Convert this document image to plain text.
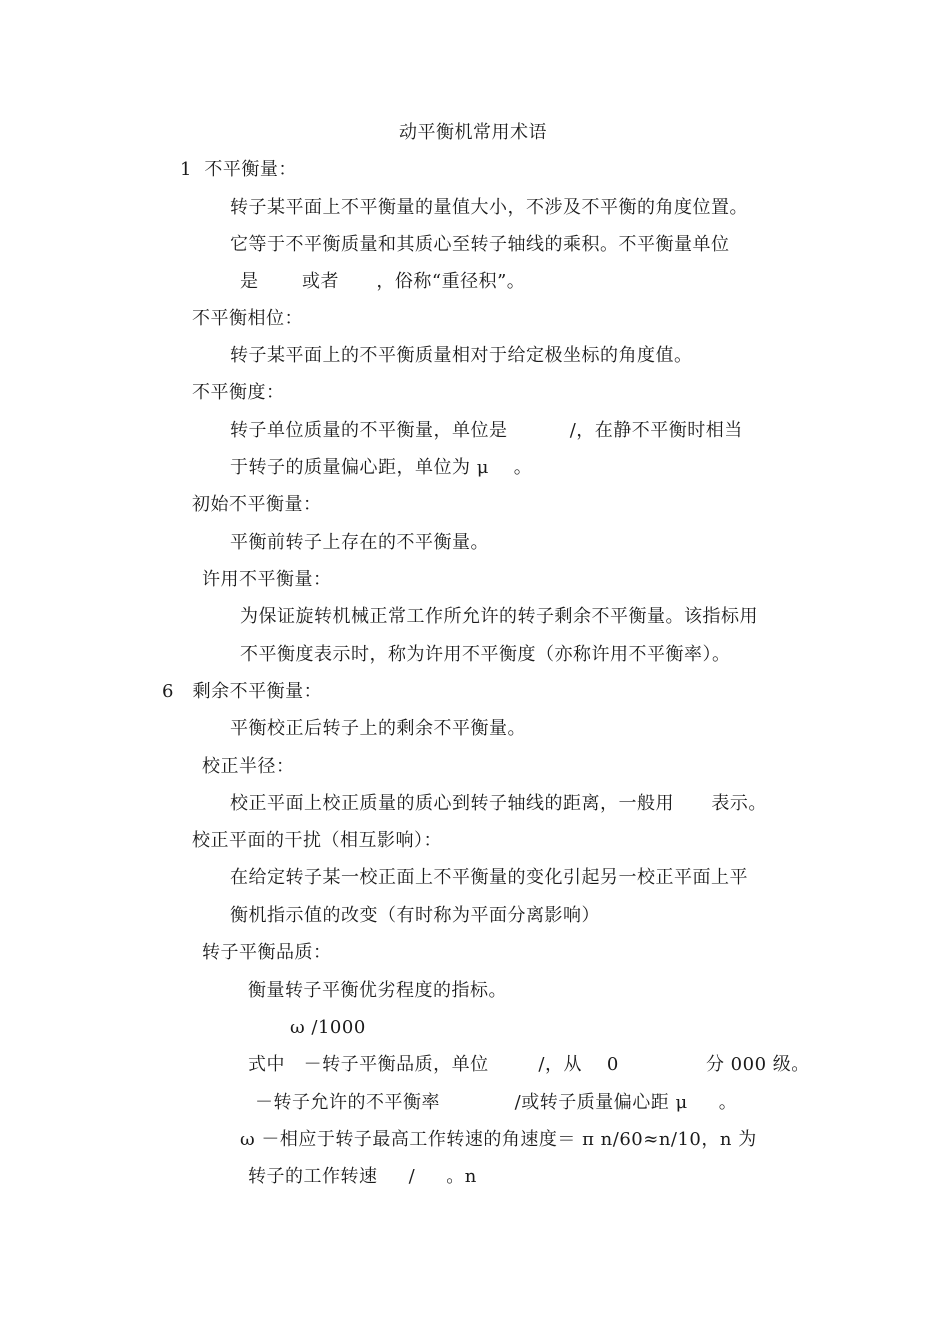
动平衡机常用术语
1  不平衡量：
转子某平面上不平衡量的量值大小，不涉及不平衡的角度位置。
它等于不平衡质量和其质心至转子轴线的乘积。不平衡量单位
是       或者      ，俗称“重径积”。
不平衡相位：
转子某平面上的不平衡质量相对于给定极坐标的角度值。
不平衡度：
转子单位质量的不平衡量，单位是          /，在静不平衡时相当
于转子的质量偏心距，单位为 μ    。
初始不平衡量：
平衡前转子上存在的不平衡量。
许用不平衡量：
为保证旋转机械正常工作所允许的转子剩余不平衡量。该指标用
不平衡度表示时，称为许用不平衡度（亦称许用不平衡率）。
6   剩余不平衡量：
平衡校正后转子上的剩余不平衡量。
校正半径：
校正平面上校正质量的质心到转子轴线的距离，一般用      表示。
校正平面的干扰（相互影响）：
在给定转子某一校正面上不平衡量的变化引起另一校正平面上平
衡机指示值的改变（有时称为平面分离影响）
转子平衡品质：
衡量转子平衡优劣程度的指标。
ω /1000
式中   －转子平衡品质，单位        /，从    0              分 000 级。
－转子允许的不平衡率            /或转子质量偏心距 μ     。
ω －相应于转子最高工作转速的角速度＝ π n/60≈n/10，n 为
转子的工作转速     /     。n
